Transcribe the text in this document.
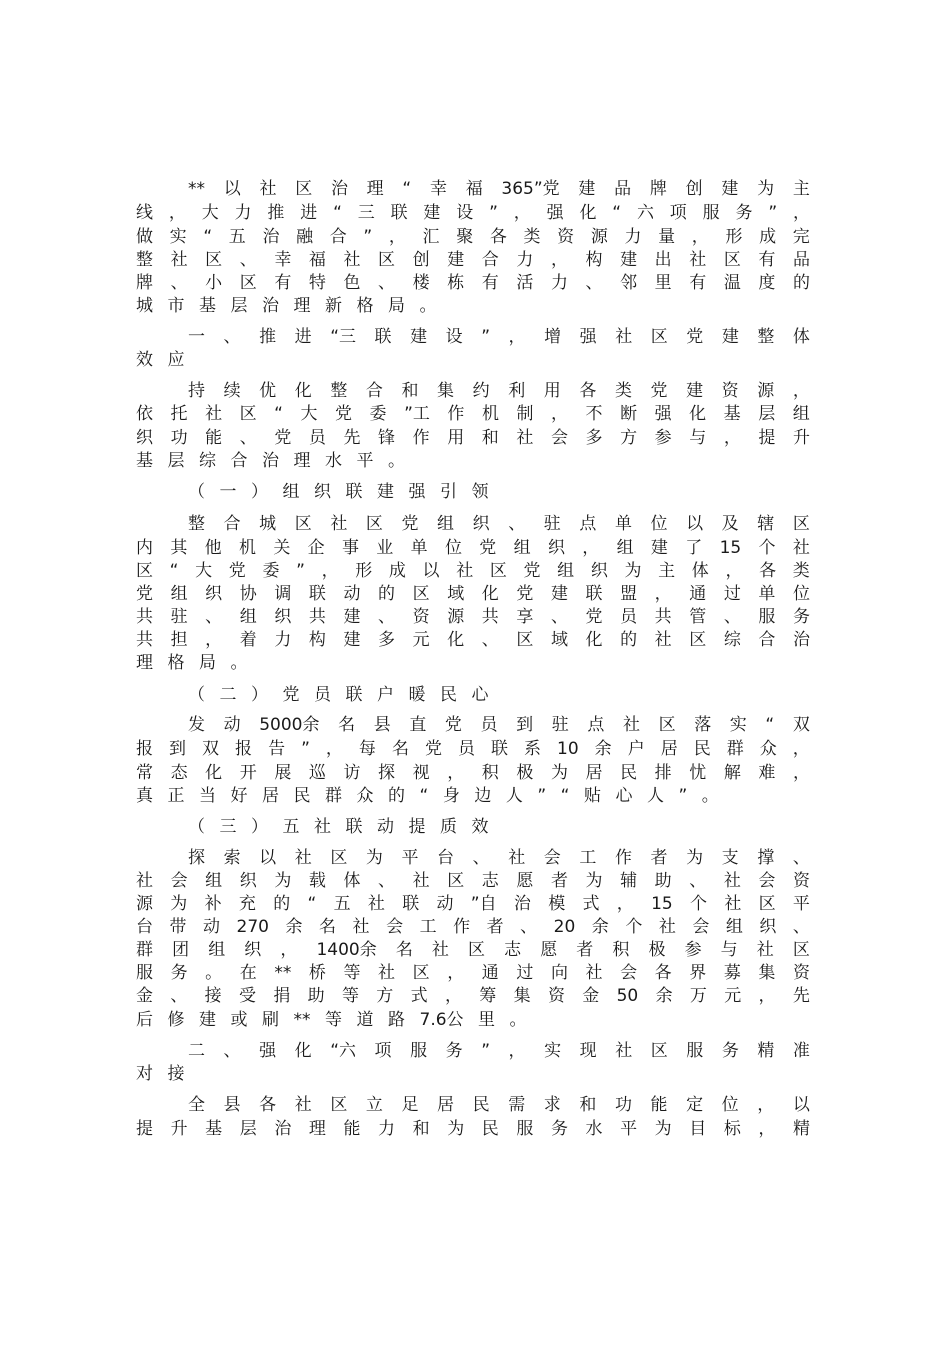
** 以 社 区 治 理 “ 幸 福 365”党 建 品 牌 创 建 为 主
线 ， 大 力 推 进 “ 三 联 建 设 ” ， 强 化 “ 六 项 服 务 ” ，
做 实 “ 五 治 融 合 ” ， 汇 聚 各 类 资 源 力 量 ， 形 成 完
整 社 区 、 幸 福 社 区 创 建 合 力 ， 构 建 出 社 区 有 品
牌 、 小 区 有 特 色 、 楼 栋 有 活 力 、 邻 里 有 温 度 的
城 市 基 层 治 理 新 格 局 。
一 、 推 进 “三 联 建 设 ” ， 增 强 社 区 党 建 整 体
效 应
持 续 优 化 整 合 和 集 约 利 用 各 类 党 建 资 源 ，
依 托 社 区 “ 大 党 委 ”工 作 机 制 ， 不 断 强 化 基 层 组
织 功 能 、 党 员 先 锋 作 用 和 社 会 多 方 参 与 ， 提 升
基 层 综 合 治 理 水 平 。
（ 一 ） 组 织 联 建 强 引 领
整 合 城 区 社 区 党 组 织 、 驻 点 单 位 以 及 辖 区
内 其 他 机 关 企 事 业 单 位 党 组 织 ， 组 建 了 15 个 社
区 “ 大 党 委 ” ， 形 成 以 社 区 党 组 织 为 主 体 ， 各 类
党 组 织 协 调 联 动 的 区 域 化 党 建 联 盟 ， 通 过 单 位
共 驻 、 组 织 共 建 、 资 源 共 享 、 党 员 共 管 、 服 务
共 担 ， 着 力 构 建 多 元 化 、 区 域 化 的 社 区 综 合 治
理 格 局 。
（ 二 ） 党 员 联 户 暖 民 心
发 动 5000余 名 县 直 党 员 到 驻 点 社 区 落 实 “ 双
报 到 双 报 告 ” ， 每 名 党 员 联 系 10 余 户 居 民 群 众 ，
常 态 化 开 展 巡 访 探 视 ， 积 极 为 居 民 排 忧 解 难 ，
真 正 当 好 居 民 群 众 的 “ 身 边 人 ” “ 贴 心 人 ” 。
（ 三 ） 五 社 联 动 提 质 效
探 索 以 社 区 为 平 台 、 社 会 工 作 者 为 支 撑 、
社 会 组 织 为 载 体 、 社 区 志 愿 者 为 辅 助 、 社 会 资
源 为 补 充 的 “ 五 社 联 动 ”自 治 模 式 ， 15 个 社 区 平
台 带 动 270 余 名 社 会 工 作 者 、 20 余 个 社 会 组 织 、
群 团 组 织 ， 1400余 名 社 区 志 愿 者 积 极 参 与 社 区
服 务 。 在 ** 桥 等 社 区 ， 通 过 向 社 会 各 界 募 集 资
金 、 接 受 捐 助 等 方 式 ， 筹 集 资 金 50 余 万 元 ， 先
后 修 建 或 刷 ** 等 道 路 7.6公 里 。
二 、 强 化 “六 项 服 务 ” ， 实 现 社 区 服 务 精 准
对 接
全 县 各 社 区 立 足 居 民 需 求 和 功 能 定 位 ， 以
提 升 基 层 治 理 能 力 和 为 民 服 务 水 平 为 目 标 ， 精
